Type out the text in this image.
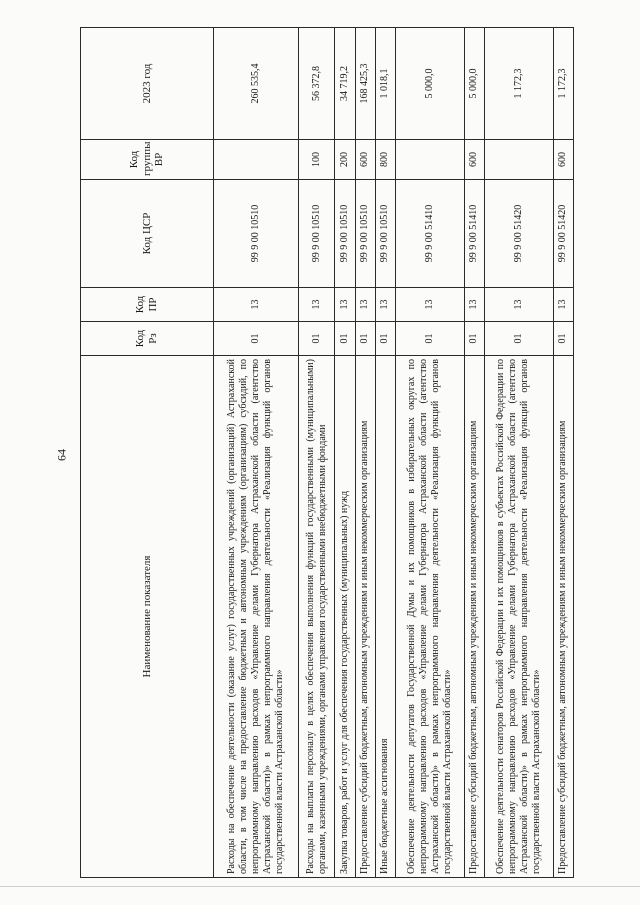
64
Наименование показателя	Код Рз	Код ПР	Код ЦСР	Код группы ВР	2023 год
Расходы на обеспечение деятельности (оказание услуг) государственных учреждений (организаций) Астраханской области, в том числе на предоставление бюджетным и автономным учреждениям (организациям) субсидий, по непрограммному направлению расходов «Управление делами Губернатора Астраханской области (агентство Астраханской области)» в рамках непрограммного направления деятельности «Реализация функций органов государственной власти Астраханской области»	01	13	99 9 00 10510		260 535,4
Расходы на выплаты персоналу в целях обеспечения выполнения функций государственными (муниципальными) органами, казенными учреждениями, органами управления государственными внебюджетными фондами	01	13	99 9 00 10510	100	56 372,8
Закупка товаров, работ и услуг для обеспечения государственных (муниципальных) нужд	01	13	99 9 00 10510	200	34 719,2
Предоставление субсидий бюджетным, автономным учреждениям и иным некоммерческим организациям	01	13	99 9 00 10510	600	168 425,3
Иные бюджетные ассигнования	01	13	99 9 00 10510	800	1 018,1
Обеспечение деятельности депутатов Государственной Думы и их помощников в избирательных округах по непрограммному направлению расходов «Управление делами Губернатора Астраханской области (агентство Астраханской области)» в рамках непрограммного направления деятельности «Реализация функций органов государственной власти Астраханской области»	01	13	99 9 00 51410		5 000,0
Предоставление субсидий бюджетным, автономным учреждениям и иным некоммерческим организациям	01	13	99 9 00 51410	600	5 000,0
Обеспечение деятельности сенаторов Российской Федерации и их помощников в субъектах Российской Федерации по непрограммному направлению расходов «Управление делами Губернатора Астраханской области (агентство Астраханской области)» в рамках непрограммного направления деятельности «Реализация функций органов государственной власти Астраханской области»	01	13	99 9 00 51420		1 172,3
Предоставление субсидий бюджетным, автономным учреждениям и иным некоммерческим организациям	01	13	99 9 00 51420	600	1 172,3
